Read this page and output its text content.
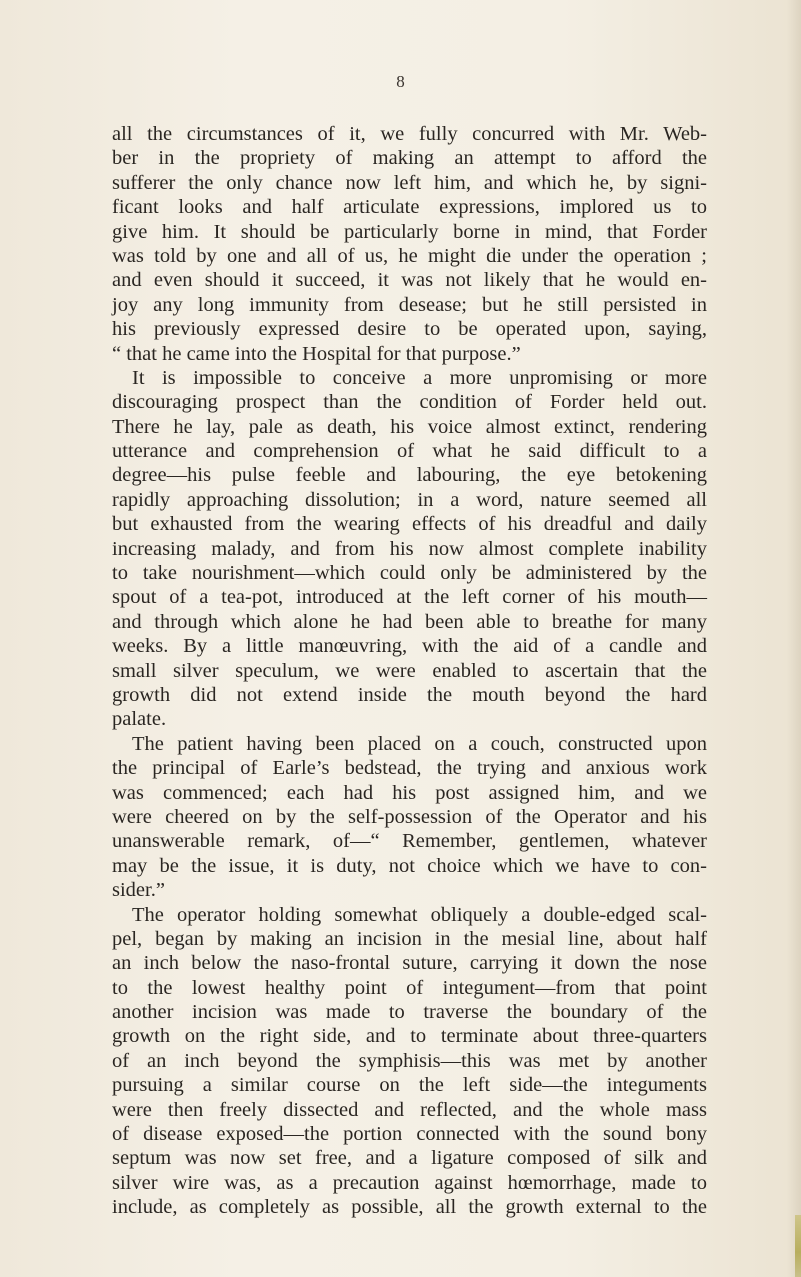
8

all the circumstances of it, we fully concurred with Mr. Web-
ber in the propriety of making an attempt to afford the
sufferer the only chance now left him, and which he, by signi-
ficant looks and half articulate expressions, implored us to
give him. It should be particularly borne in mind, that Forder
was told by one and all of us, he might die under the operation ;
and even should it succeed, it was not likely that he would en-
joy any long immunity from desease; but he still persisted in
his previously expressed desire to be operated upon, saying,
“ that he came into the Hospital for that purpose.”
It is impossible to conceive a more unpromising or more
discouraging prospect than the condition of Forder held out.
There he lay, pale as death, his voice almost extinct, rendering
utterance and comprehension of what he said difficult to a
degree—his pulse feeble and labouring, the eye betokening
rapidly approaching dissolution; in a word, nature seemed all
but exhausted from the wearing effects of his dreadful and daily
increasing malady, and from his now almost complete inability
to take nourishment—which could only be administered by the
spout of a tea-pot, introduced at the left corner of his mouth—
and through which alone he had been able to breathe for many
weeks. By a little manœuvring, with the aid of a candle and
small silver speculum, we were enabled to ascertain that the
growth did not extend inside the mouth beyond the hard
palate.
The patient having been placed on a couch, constructed upon
the principal of Earle’s bedstead, the trying and anxious work
was commenced; each had his post assigned him, and we
were cheered on by the self-possession of the Operator and his
unanswerable remark, of—“ Remember, gentlemen, whatever
may be the issue, it is duty, not choice which we have to con-
sider.”
The operator holding somewhat obliquely a double-edged scal-
pel, began by making an incision in the mesial line, about half
an inch below the naso-frontal suture, carrying it down the nose
to the lowest healthy point of integument—from that point
another incision was made to traverse the boundary of the
growth on the right side, and to terminate about three-quarters
of an inch beyond the symphisis—this was met by another
pursuing a similar course on the left side—the integuments
were then freely dissected and reflected, and the whole mass
of disease exposed—the portion connected with the sound bony
septum was now set free, and a ligature composed of silk and
silver wire was, as a precaution against hœmorrhage, made to
include, as completely as possible, all the growth external to the
